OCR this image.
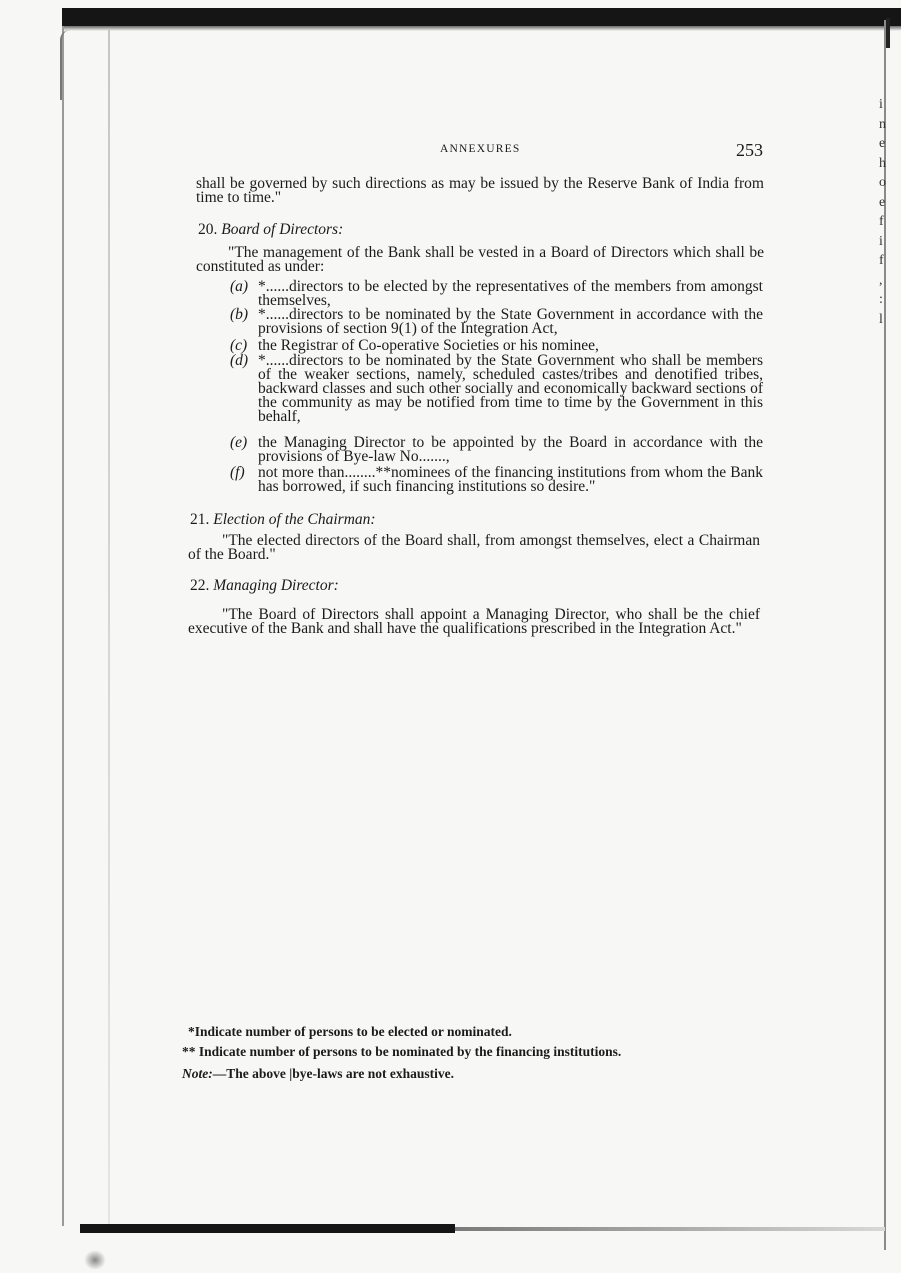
i
n
e
h
o
e
f
i
f
,
:
l
ANNEXURES	253
shall be governed by such directions as may be issued by the Reserve Bank of India from time to time."
20. Board of Directors:
"The management of the Bank shall be vested in a Board of Directors which shall be constituted as under:
(a) *......directors to be elected by the representatives of the members from amongst themselves,
(b) *......directors to be nominated by the State Government in accordance with the provisions of section 9(1) of the Integration Act,
(c) the Registrar of Co-operative Societies or his nominee,
(d) *......directors to be nominated by the State Government who shall be members of the weaker sections, namely, scheduled castes/tribes and denotified tribes, backward classes and such other socially and economically backward sections of the community as may be notified from time to time by the Government in this behalf,
(e) the Managing Director to be appointed by the Board in accordance with the provisions of Bye-law No.......,
(f) not more than........**nominees of the financing institutions from whom the Bank has borrowed, if such financing institutions so desire."
21. Election of the Chairman:
"The elected directors of the Board shall, from amongst themselves, elect a Chairman of the Board."
22. Managing Director:
"The Board of Directors shall appoint a Managing Director, who shall be the chief executive of the Bank and shall have the qualifications prescribed in the Integration Act."
*Indicate number of persons to be elected or nominated.
** Indicate number of persons to be nominated by the financing institutions.
Note:—The above |bye-laws are not exhaustive.
